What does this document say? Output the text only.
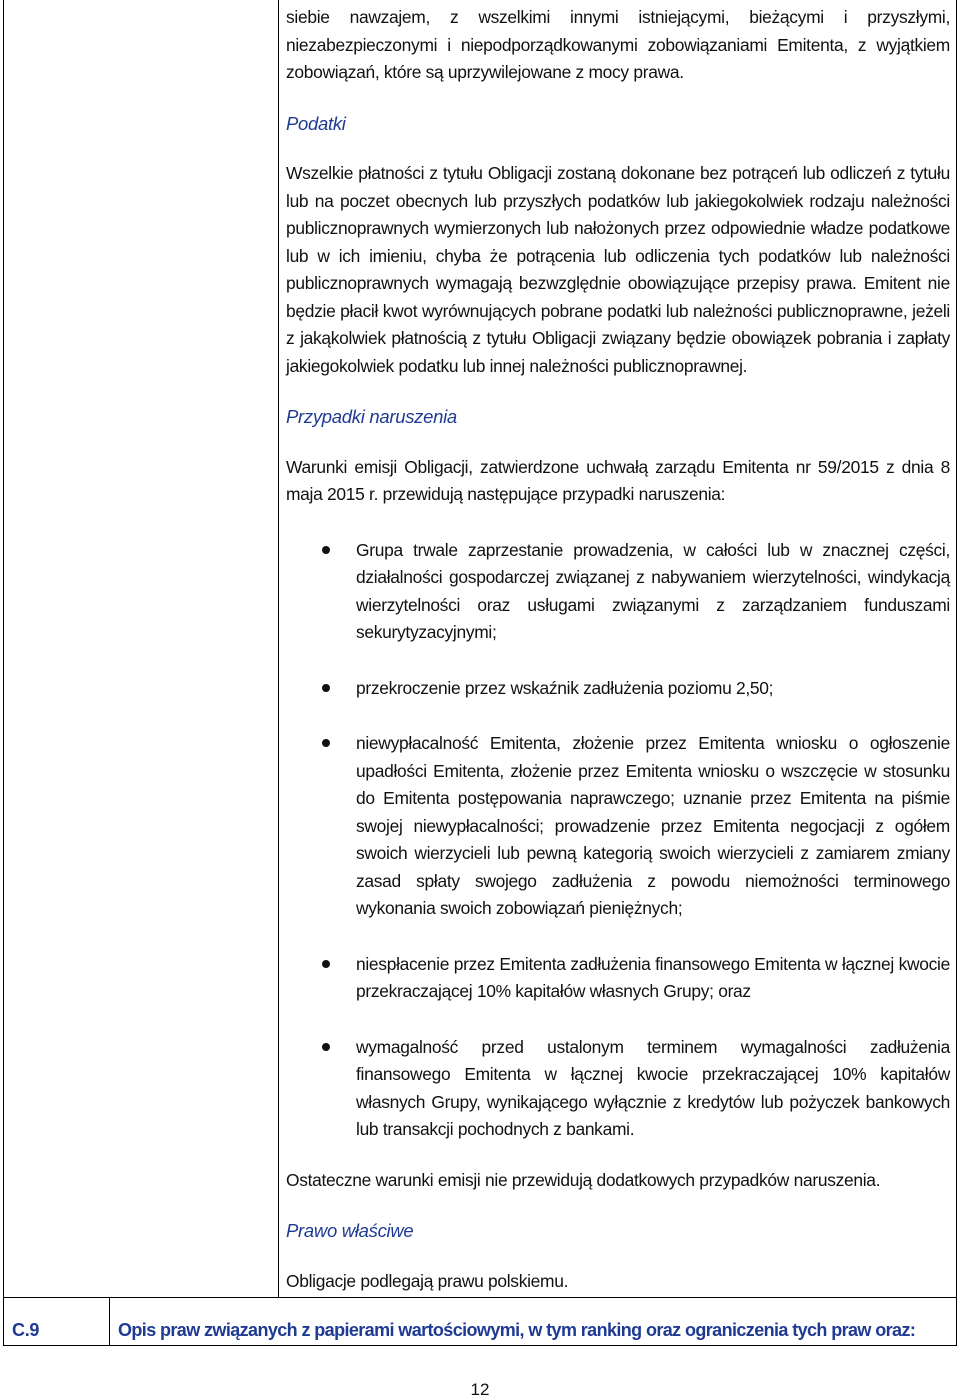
siebie nawzajem, z wszelkimi innymi istniejącymi, bieżącymi i przyszłymi, niezabezpieczonymi i niepodporządkowanymi zobowiązaniami Emitenta, z wyjątkiem zobowiązań, które są uprzywilejowane z mocy prawa.

Podatki

Wszelkie płatności z tytułu Obligacji zostaną dokonane bez potrąceń lub odliczeń z tytułu lub na poczet obecnych lub przyszłych podatków lub jakiegokolwiek rodzaju należności publicznoprawnych wymierzonych lub nałożonych przez odpowiednie władze podatkowe lub w ich imieniu, chyba że potrącenia lub odliczenia tych podatków lub należności publicznoprawnych wymagają bezwzględnie obowiązujące przepisy prawa. Emitent nie będzie płacił kwot wyrównujących pobrane podatki lub należności publicznoprawne, jeżeli z jakąkolwiek płatnością z tytułu Obligacji związany będzie obowiązek pobrania i zapłaty jakiegokolwiek podatku lub innej należności publicznoprawnej.

Przypadki naruszenia

Warunki emisji Obligacji, zatwierdzone uchwałą zarządu Emitenta nr 59/2015 z dnia 8 maja 2015 r. przewidują następujące przypadki naruszenia:

Grupa trwale zaprzestanie prowadzenia, w całości lub w znacznej części, działalności gospodarczej związanej z nabywaniem wierzytelności, windykacją wierzytelności oraz usługami związanymi z zarządzaniem funduszami sekurytyzacyjnymi;
przekroczenie przez wskaźnik zadłużenia poziomu 2,50;
niewypłacalność Emitenta, złożenie przez Emitenta wniosku o ogłoszenie upadłości Emitenta, złożenie przez Emitenta wniosku o wszczęcie w stosunku do Emitenta postępowania naprawczego; uznanie przez Emitenta na piśmie swojej niewypłacalności; prowadzenie przez Emitenta negocjacji z ogółem swoich wierzycieli lub pewną kategorią swoich wierzycieli z zamiarem zmiany zasad spłaty swojego zadłużenia z powodu niemożności terminowego wykonania swoich zobowiązań pieniężnych;
niespłacenie przez Emitenta zadłużenia finansowego Emitenta w łącznej kwocie przekraczającej 10% kapitałów własnych Grupy; oraz
wymagalność przed ustalonym terminem wymagalności zadłużenia finansowego Emitenta w łącznej kwocie przekraczającej 10% kapitałów własnych Grupy, wynikającego wyłącznie z kredytów lub pożyczek bankowych lub transakcji pochodnych z bankami.

Ostateczne warunki emisji nie przewidują dodatkowych przypadków naruszenia.

Prawo właściwe

Obligacje podlegają prawu polskiemu.

C.9	Opis praw związanych z papierami wartościowymi, w tym ranking oraz ograniczenia tych praw oraz:
12
